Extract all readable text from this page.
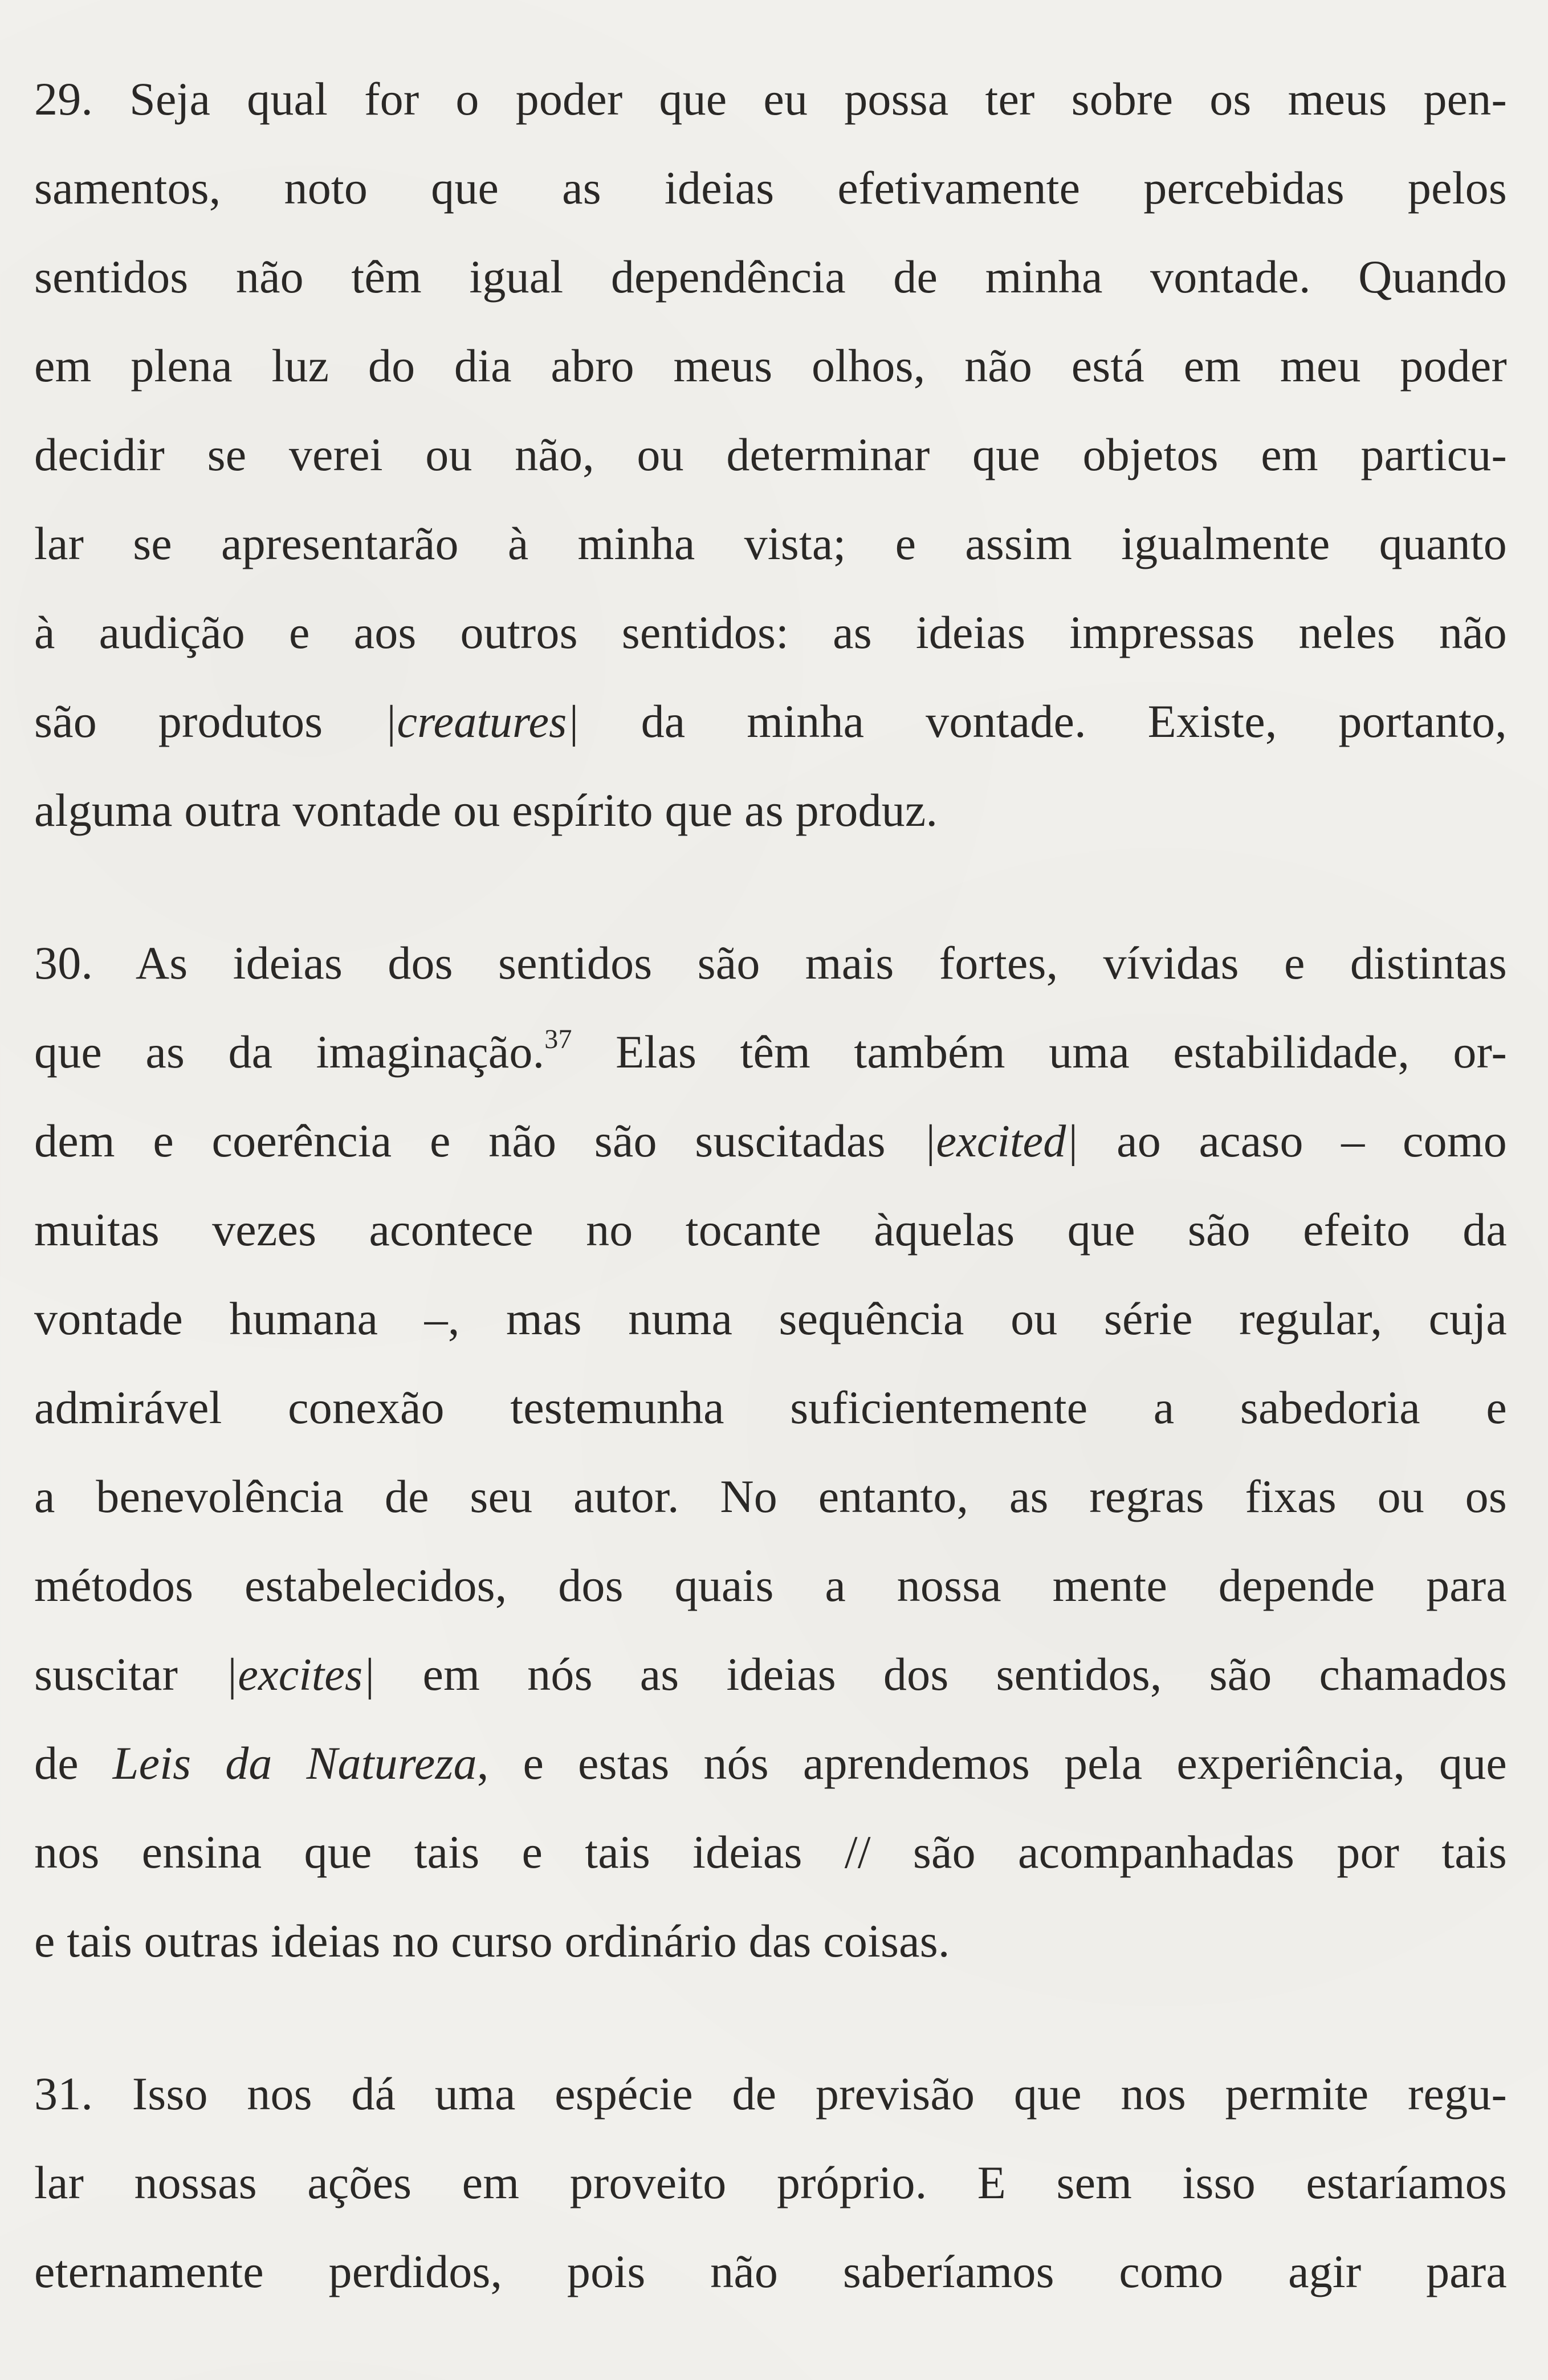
29. Seja qual for o poder que eu possa ter sobre os meus pen-
samentos, noto que as ideias efetivamente percebidas pelos
sentidos não têm igual dependência de minha vontade. Quando
em plena luz do dia abro meus olhos, não está em meu poder
decidir se verei ou não, ou determinar que objetos em particu-
lar se apresentarão à minha vista; e assim igualmente quanto
à audição e aos outros sentidos: as ideias impressas neles não
são produtos |creatures| da minha vontade. Existe, portanto,
alguma outra vontade ou espírito que as produz.
30. As ideias dos sentidos são mais fortes, vívidas e distintas
que as da imaginação.$^{37}$ Elas têm também uma estabilidade, or-
dem e coerência e não são suscitadas |excited| ao acaso – como
muitas vezes acontece no tocante àquelas que são efeito da
vontade humana –, mas numa sequência ou série regular, cuja
admirável conexão testemunha suficientemente a sabedoria e
a benevolência de seu autor. No entanto, as regras fixas ou os
métodos estabelecidos, dos quais a nossa mente depende para
suscitar |excites| em nós as ideias dos sentidos, são chamados
de Leis da Natureza, e estas nós aprendemos pela experiência, que
nos ensina que tais e tais ideias // são acompanhadas por tais
e tais outras ideias no curso ordinário das coisas.
31. Isso nos dá uma espécie de previsão que nos permite regu-
lar nossas ações em proveito próprio. E sem isso estaríamos
eternamente perdidos, pois não saberíamos como agir para
